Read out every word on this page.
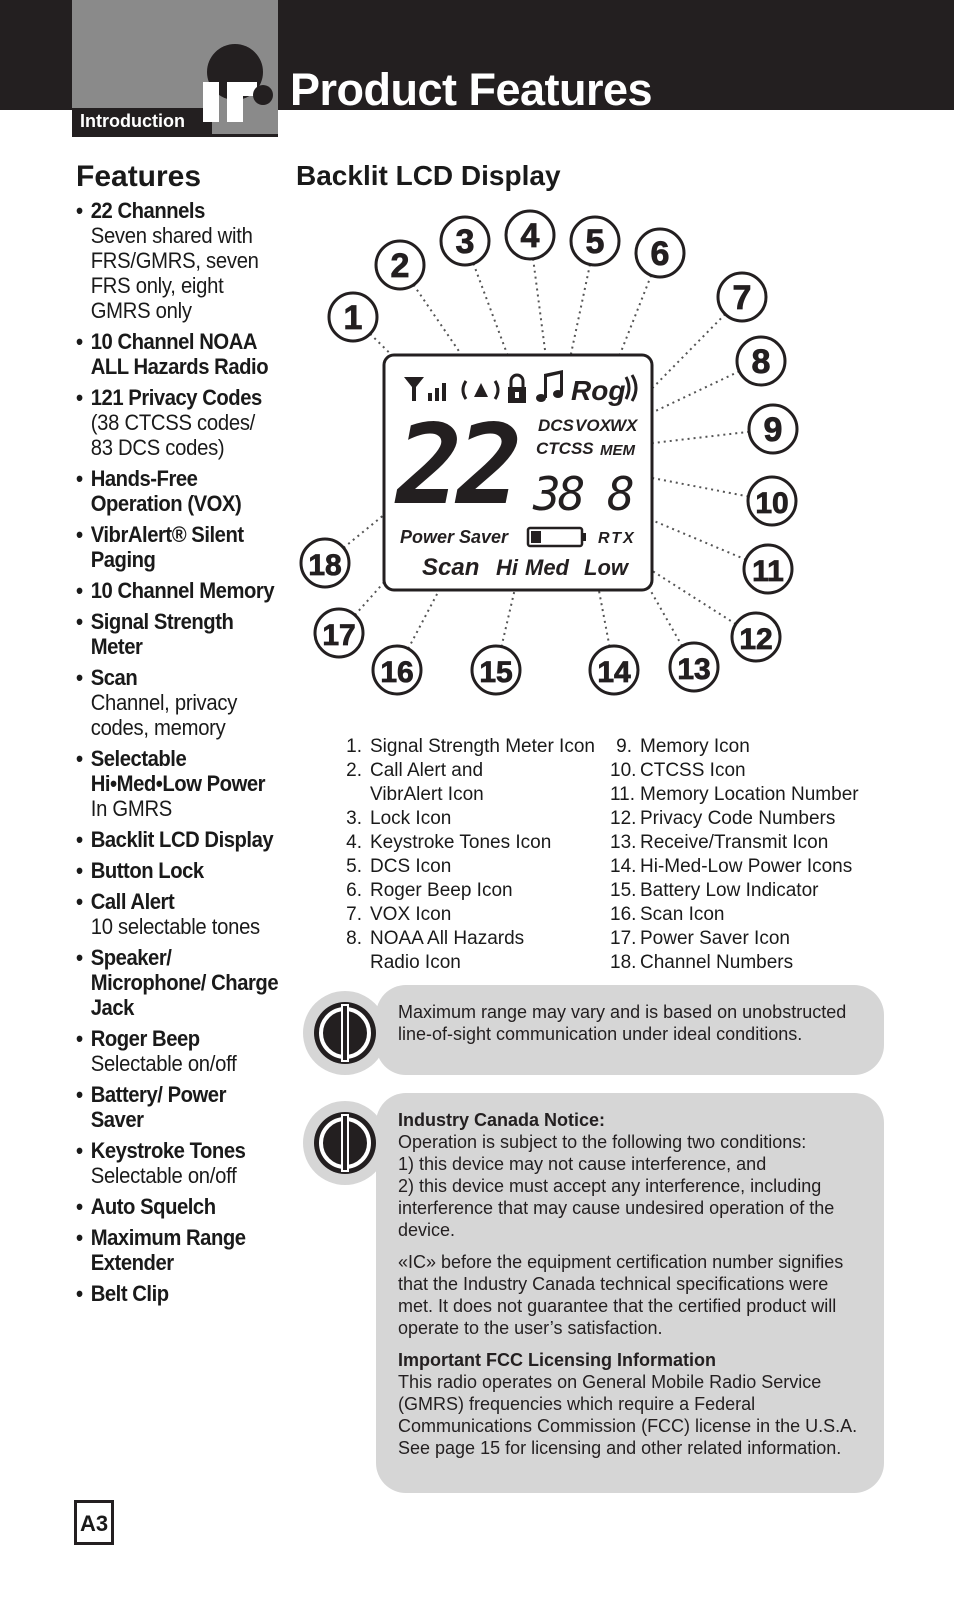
Introduction
Product Features
Features
• 22 Channels
Seven shared with FRS/GMRS, seven FRS only, eight GMRS only
• 10 Channel NOAA ALL Hazards Radio
• 121 Privacy Codes
(38 CTCSS codes/ 83 DCS codes)
• Hands-Free Operation (VOX)
• VibrAlert® Silent Paging
• 10 Channel Memory
• Signal Strength Meter
• Scan
Channel, privacy codes, memory
• Selectable Hi•Med•Low Power
In GMRS
• Backlit LCD Display
• Button Lock
• Call Alert
10 selectable tones
• Speaker/ Microphone/ Charge Jack
• Roger Beep
Selectable on/off
• Battery/ Power Saver
• Keystroke Tones
Selectable on/off
• Auto Squelch
• Maximum Range Extender
• Belt Clip
Backlit LCD Display
Rog
22 DCS VOX WX
CTCSS MEM
38 8
Power Saver	RTX
Scan Hi Med Low
1
2
3 4 5 6
7
8
9
10
11
12
13
14
15
16
17
18
1. Signal Strength Meter Icon
2. Call Alert and
VibrAlert Icon
3. Lock Icon
4. Keystroke Tones Icon
5. DCS Icon
6. Roger Beep Icon
7. VOX Icon
8. NOAA All Hazards
Radio Icon
9. Memory Icon
10. CTCSS Icon
11. Memory Location Number
12. Privacy Code Numbers
13. Receive/Transmit Icon
14. Hi-Med-Low Power Icons
15. Battery Low Indicator
16. Scan Icon
17. Power Saver Icon
18. Channel Numbers

Maximum range may vary and is based on unobstructed line-of-sight communication under ideal conditions.

Industry Canada Notice:
Operation is subject to the following two conditions:
1) this device may not cause interference, and
2) this device must accept any interference, including interference that may cause undesired operation of the device.

«IC» before the equipment certification number signifies that the Industry Canada technical specifications were met. It does not guarantee that the certified product will operate to the user’s satisfaction.

Important FCC Licensing Information
This radio operates on General Mobile Radio Service (GMRS) frequencies which require a Federal Communications Commission (FCC) license in the U.S.A. See page 15 for licensing and other related information.

A3
